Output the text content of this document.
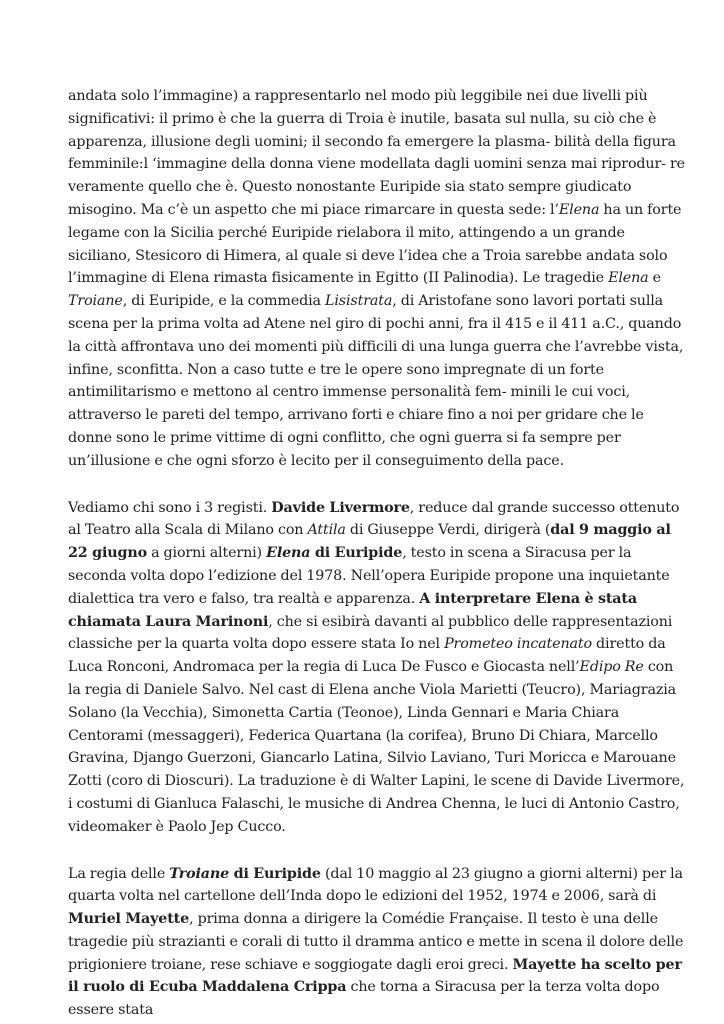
andata solo l’immagine) a rappresentarlo nel modo più leggibile nei due livelli più significativi: il primo è che la guerra di Troia è inutile, basata sul nulla, su ciò che è apparenza, illusione degli uomini; il secondo fa emergere la plasma- bilità della figura femminile:l ‘immagine della donna viene modellata dagli uomini senza mai riprodur- re veramente quello che è. Questo nonostante Euripide sia stato sempre giudicato misogino. Ma c’è un aspetto che mi piace rimarcare in questa sede: l’Elena ha un forte legame con la Sicilia perché Euripide rielabora il mito, attingendo a un grande siciliano, Stesicoro di Himera, al quale si deve l’idea che a Troia sarebbe andata solo l’immagine di Elena rimasta fisicamente in Egitto (II Palinodia). Le tragedie Elena e Troiane, di Euripide, e la commedia Lisistrata, di Aristofane sono lavori portati sulla scena per la prima volta ad Atene nel giro di pochi anni, fra il 415 e il 411 a.C., quando la città affrontava uno dei momenti più difficili di una lunga guerra che l’avrebbe vista, infine, sconfitta. Non a caso tutte e tre le opere sono impregnate di un forte antimilitarismo e mettono al centro immense personalità fem- minili le cui voci, attraverso le pareti del tempo, arrivano forti e chiare fino a noi per gridare che le donne sono le prime vittime di ogni conflitto, che ogni guerra si fa sempre per un’illusione e che ogni sforzo è lecito per il conseguimento della pace.

Vediamo chi sono i 3 registi. Davide Livermore, reduce dal grande successo ottenuto al Teatro alla Scala di Milano con Attila di Giuseppe Verdi, dirigerà (dal 9 maggio al 22 giugno a giorni alterni) Elena di Euripide, testo in scena a Siracusa per la seconda volta dopo l’edizione del 1978. Nell’opera Euripide propone una inquietante dialettica tra vero e falso, tra realtà e apparenza. A interpretare Elena è stata chiamata Laura Marinoni, che si esibirà davanti al pubblico delle rappresentazioni classiche per la quarta volta dopo essere stata Io nel Prometeo incatenato diretto da Luca Ronconi, Andromaca per la regia di Luca De Fusco e Giocasta nell’Edipo Re con la regia di Daniele Salvo. Nel cast di Elena anche Viola Marietti (Teucro), Mariagrazia Solano (la Vecchia), Simonetta Cartia (Teonoe), Linda Gennari e Maria Chiara Centorami (messaggeri), Federica Quartana (la corifea), Bruno Di Chiara, Marcello Gravina, Django Guerzoni, Giancarlo Latina, Silvio Laviano, Turi Moricca e Marouane Zotti (coro di Dioscuri). La traduzione è di Walter Lapini, le scene di Davide Livermore, i costumi di Gianluca Falaschi, le musiche di Andrea Chenna, le luci di Antonio Castro, videomaker è Paolo Jep Cucco.

La regia delle Troiane di Euripide (dal 10 maggio al 23 giugno a giorni alterni) per la quarta volta nel cartellone dell’Inda dopo le edizioni del 1952, 1974 e 2006, sarà di Muriel Mayette, prima donna a dirigere la Comédie Française. Il testo è una delle tragedie più strazianti e corali di tutto il dramma antico e mette in scena il dolore delle prigioniere troiane, rese schiave e soggiogate dagli eroi greci. Mayette ha scelto per il ruolo di Ecuba Maddalena Crippa che torna a Siracusa per la terza volta dopo essere stata
